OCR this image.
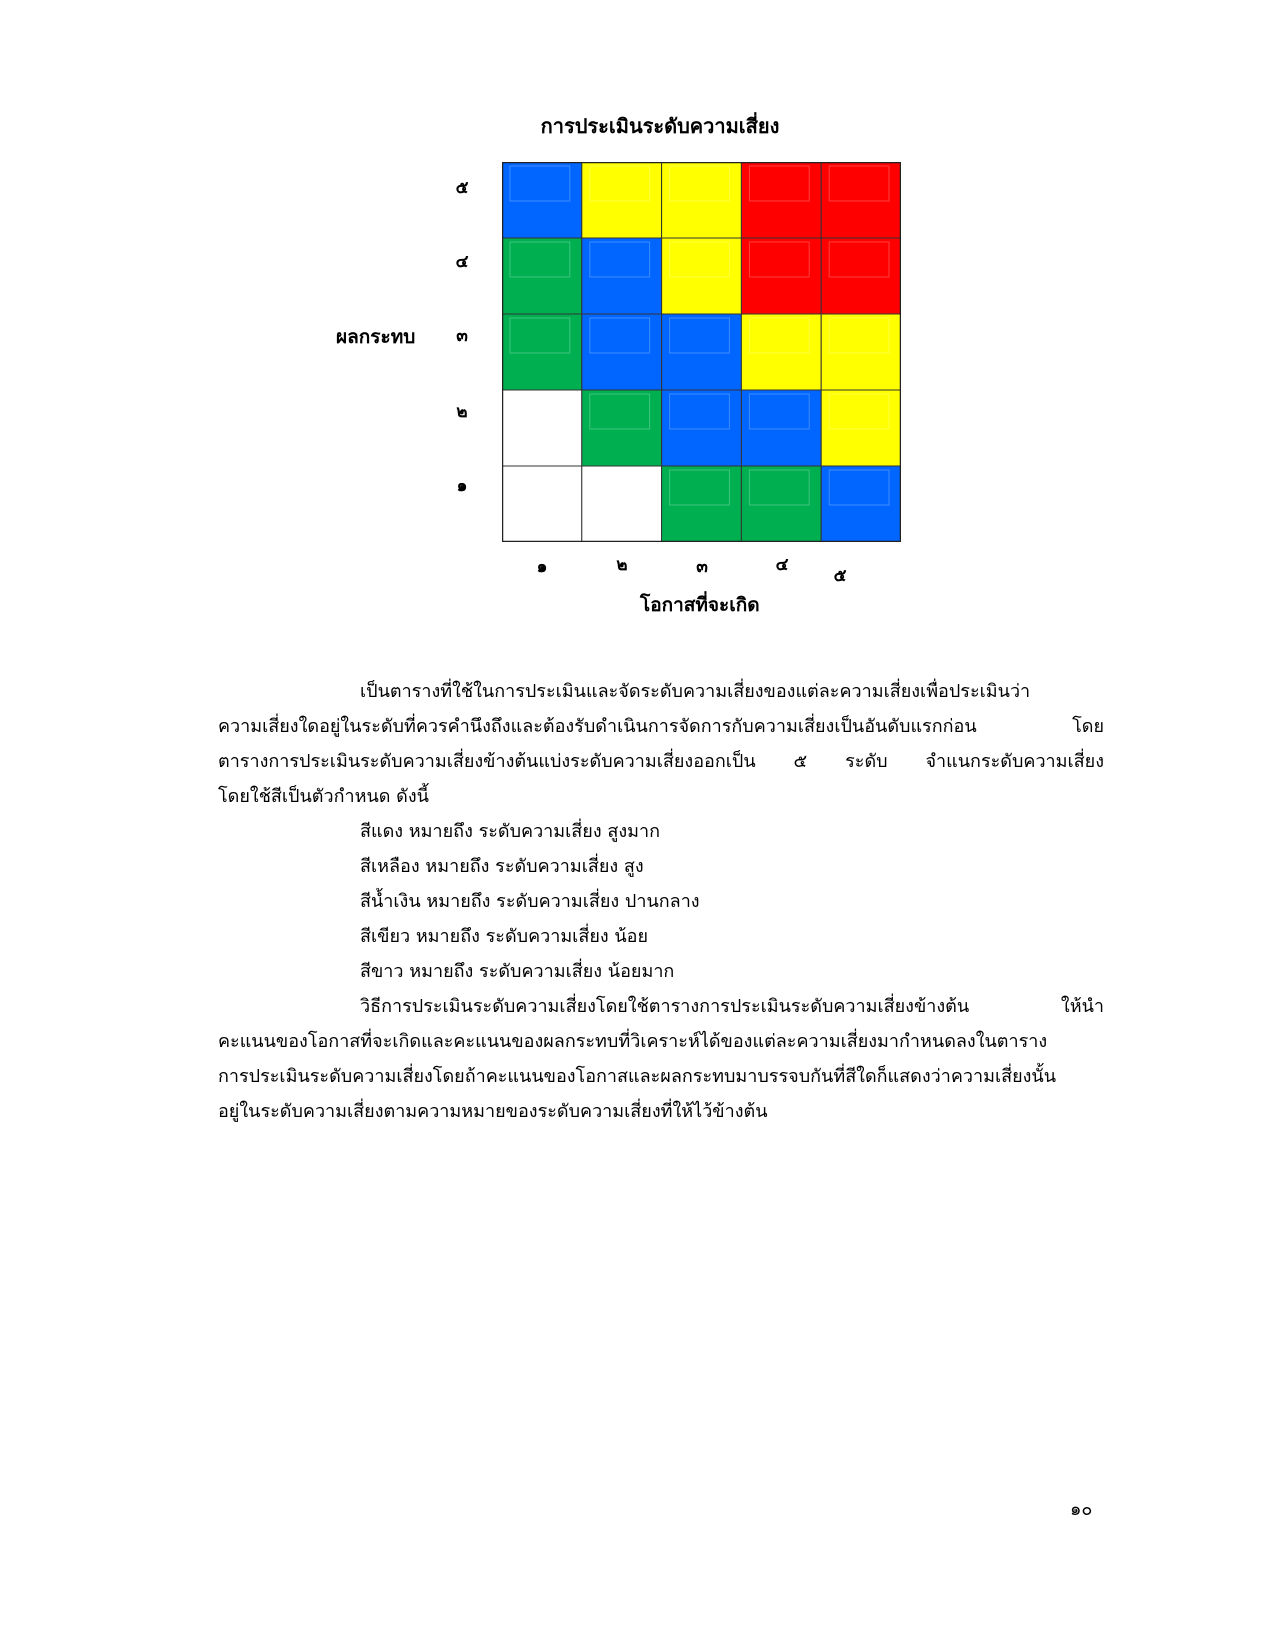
การประเมินระดับความเสี่ยง
ผลกระทบ
๕
๔
๓
๒
๑
๑	๒	๓	๔
๕
โอกาสที่จะเกิด
เป็นตารางที่ใช้ในการประเมินและจัดระดับความเสี่ยงของแต่ละความเสี่ยงเพื่อประเมินว่า
ความเสี่ยงใดอยู่ในระดับที่ควรคำนึงถึงและต้องรับดำเนินการจัดการกับความเสี่ยงเป็นอันดับแรกก่อน โดย
ตารางการประเมินระดับความเสี่ยงข้างต้นแบ่งระดับความเสี่ยงออกเป็น ๕ ระดับ จำแนกระดับความเสี่ยง
โดยใช้สีเป็นตัวกำหนด ดังนี้
สีแดง หมายถึง ระดับความเสี่ยง สูงมาก
สีเหลือง หมายถึง ระดับความเสี่ยง สูง
สีน้ำเงิน หมายถึง ระดับความเสี่ยง ปานกลาง
สีเขียว หมายถึง ระดับความเสี่ยง น้อย
สีขาว หมายถึง ระดับความเสี่ยง น้อยมาก
วิธีการประเมินระดับความเสี่ยงโดยใช้ตารางการประเมินระดับความเสี่ยงข้างต้น ให้นำ
คะแนนของโอกาสที่จะเกิดและคะแนนของผลกระทบที่วิเคราะห์ได้ของแต่ละความเสี่ยงมากำหนดลงในตาราง
การประเมินระดับความเสี่ยงโดยถ้าคะแนนของโอกาสและผลกระทบมาบรรจบกันที่สีใดก็แสดงว่าความเสี่ยงนั้น
อยู่ในระดับความเสี่ยงตามความหมายของระดับความเสี่ยงที่ให้ไว้ข้างต้น
๑๐
